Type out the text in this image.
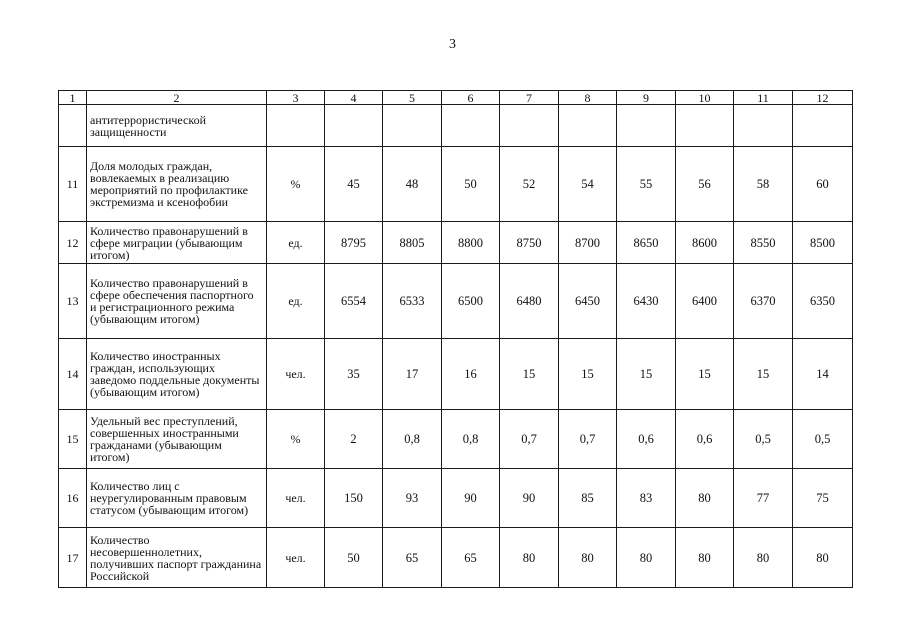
3
1	2	3	4	5	6	7	8	9	10	11	12
	антитеррористической защищенности										
11	Доля молодых граждан, вовлекаемых в реализацию мероприятий по профилактике экстремизма и ксенофобии	%	45	48	50	52	54	55	56	58	60
12	Количество правонарушений в сфере миграции (убывающим итогом)	ед.	8795	8805	8800	8750	8700	8650	8600	8550	8500
13	Количество правонарушений в сфере обеспечения паспортного и регистрационного режима (убывающим итогом)	ед.	6554	6533	6500	6480	6450	6430	6400	6370	6350
14	Количество иностранных граждан, использующих заведомо поддельные документы (убывающим итогом)	чел.	35	17	16	15	15	15	15	15	14
15	Удельный вес преступлений, совершенных иностранными гражданами (убывающим итогом)	%	2	0,8	0,8	0,7	0,7	0,6	0,6	0,5	0,5
16	Количество лиц с неурегулированным правовым статусом (убывающим итогом)	чел.	150	93	90	90	85	83	80	77	75
17	Количество несовершеннолетних, получивших паспорт гражданина Российской	чел.	50	65	65	80	80	80	80	80	80
